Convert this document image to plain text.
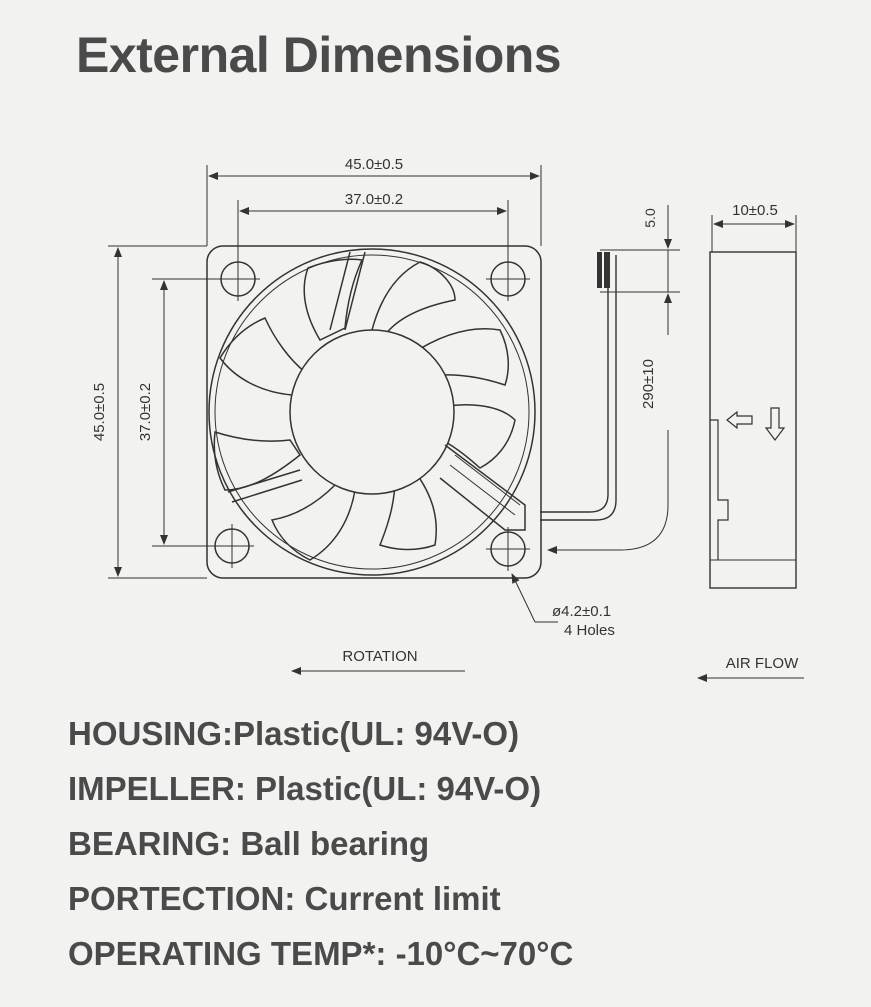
External Dimensions
45.0±0.5
37.0±0.2
45.0±0.5 37.0±0.2
5.0
290±10
ø4.2±0.1
4 Holes
10±0.5
ROTATION	AIR FLOW
HOUSING:Plastic(UL: 94V-O)
IMPELLER: Plastic(UL: 94V-O)
BEARING: Ball bearing
PORTECTION: Current limit
OPERATING TEMP*: -10°C~70°C
